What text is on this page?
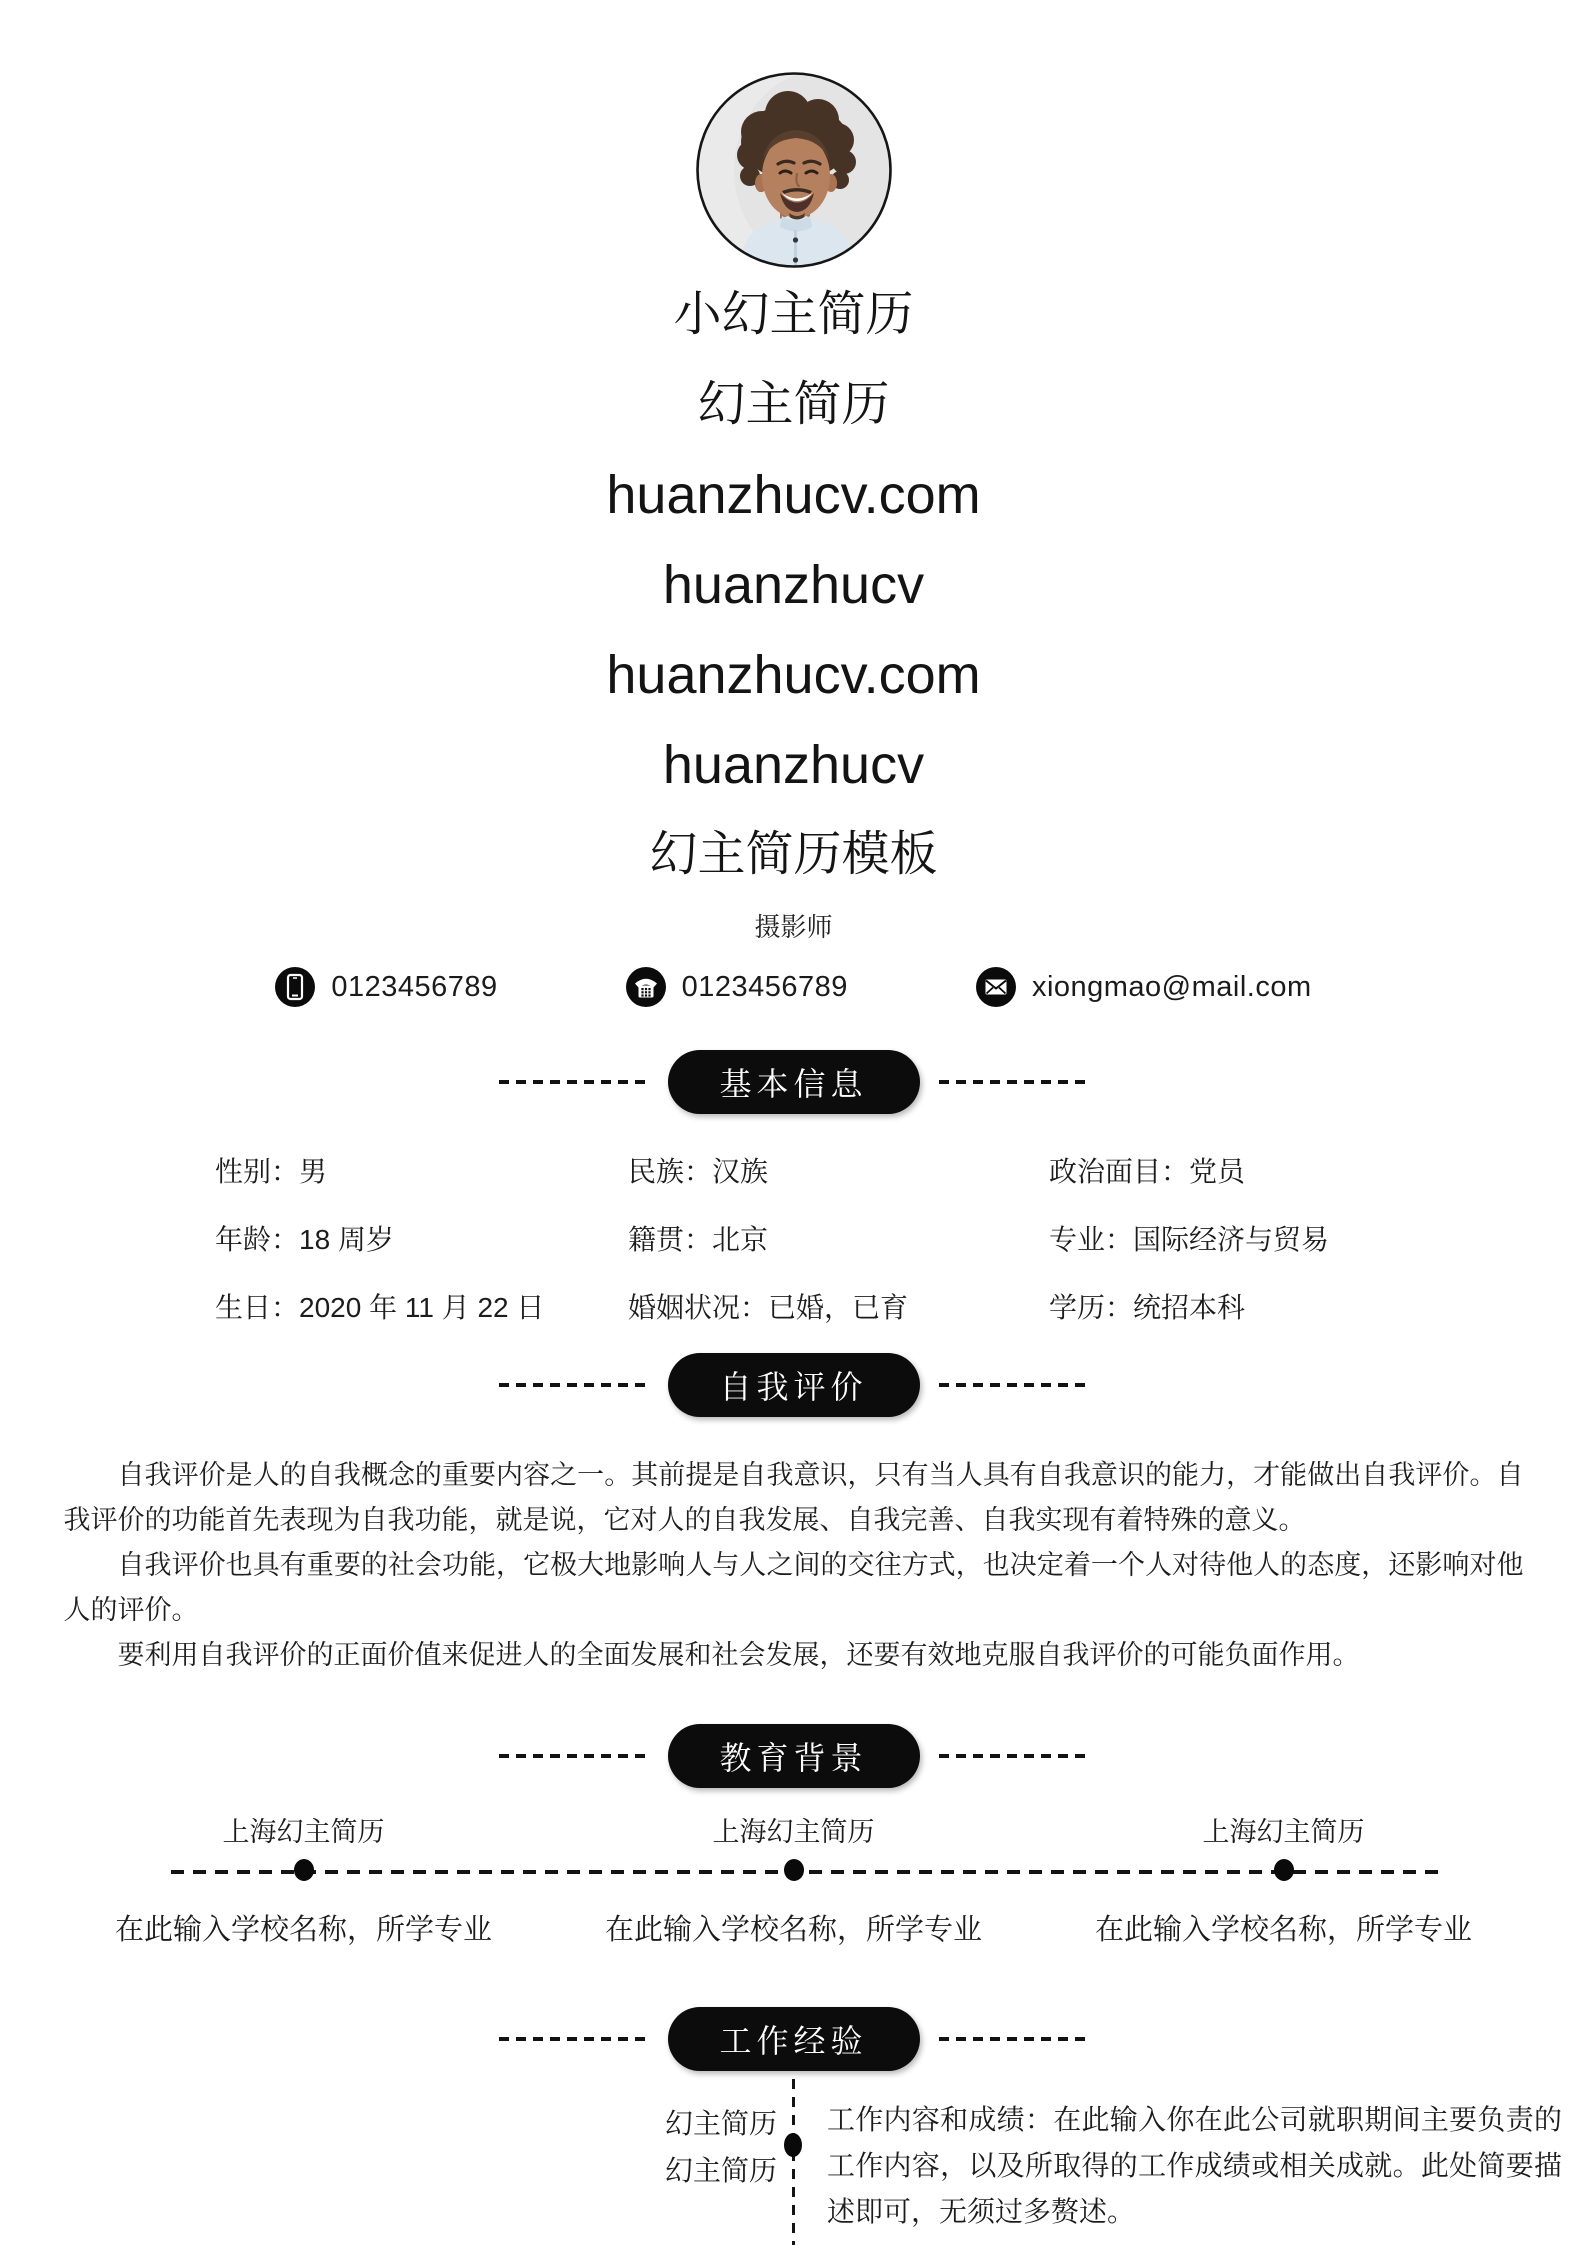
小幻主简历
幻主简历
huanzhucv.com
huanzhucv
huanzhucv.com
huanzhucv
幻主简历模板
摄影师
0123456789	0123456789	xiongmao@mail.com
基本信息
性别：男	民族：汉族	政治面目：党员
年龄：18 周岁	籍贯：北京	专业：国际经济与贸易
生日：2020 年 11 月 22 日	婚姻状况：已婚，已育	学历：统招本科
自我评价

自我评价是人的自我概念的重要内容之一。其前提是自我意识，只有当人具有自我意识的能力，才能做出自我评价。自我评价的功能首先表现为自我功能，就是说，它对人的自我发展、自我完善、自我实现有着特殊的意义。

自我评价也具有重要的社会功能，它极大地影响人与人之间的交往方式，也决定着一个人对待他人的态度，还影响对他人的评价。

要利用自我评价的正面价值来促进人的全面发展和社会发展，还要有效地克服自我评价的可能负面作用。

教育背景
上海幻主简历
在此输入学校名称，所学专业
上海幻主简历
在此输入学校名称，所学专业
上海幻主简历
在此输入学校名称，所学专业
工作经验
幻主简历
幻主简历
工作内容和成绩：在此输入你在此公司就职期间主要负责的工作内容，以及所取得的工作成绩或相关成就。此处简要描述即可，无须过多赘述。
